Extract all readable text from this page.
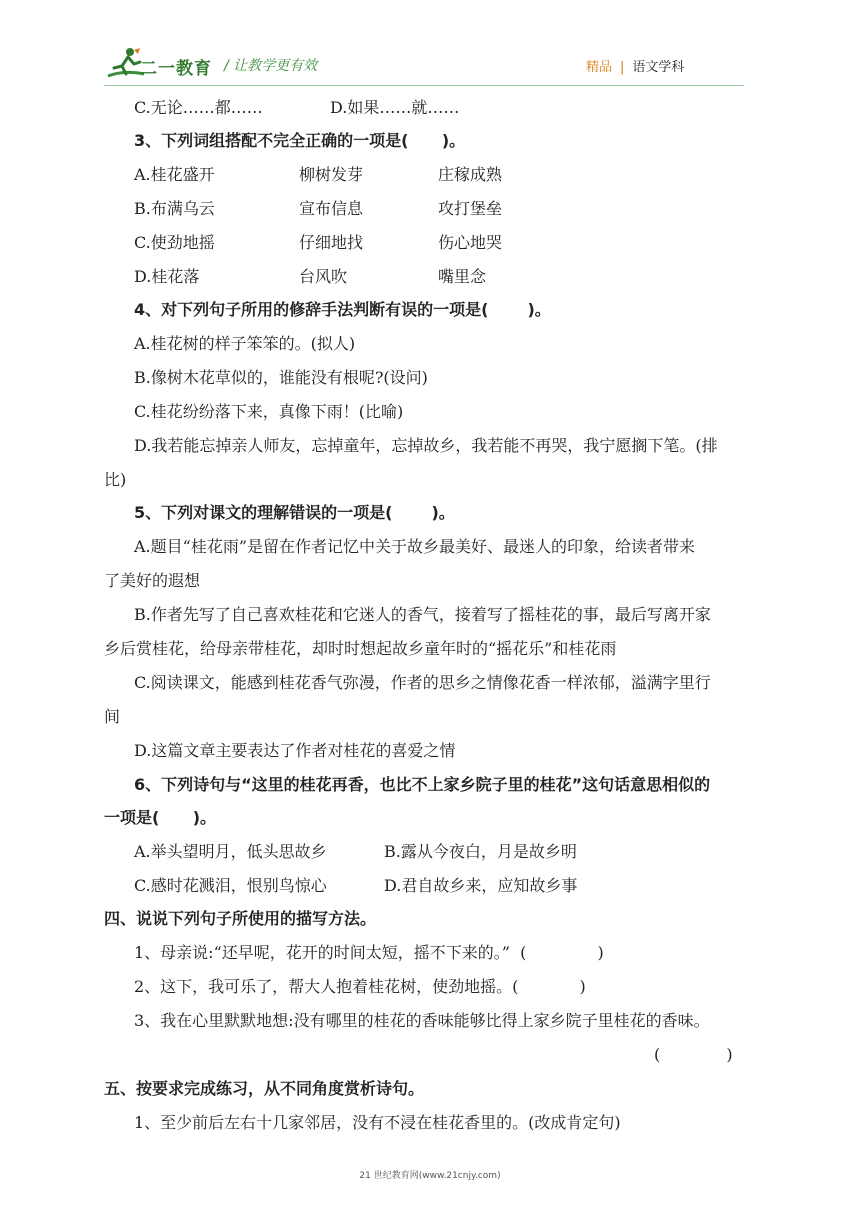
二一教育 / 让教学更有效	精品 | 语文学科
C.无论……都……	D.如果……就……
3、下列词组搭配不完全正确的一项是(      )。
A.桂花盛开	柳树发芽	庄稼成熟
B.布满乌云	宣布信息	攻打堡垒
C.使劲地摇	仔细地找	伤心地哭
D.桂花落	台风吹	嘴里念
4、对下列句子所用的修辞手法判断有误的一项是(       )。
A.桂花树的样子笨笨的。(拟人)
B.像树木花草似的，谁能没有根呢?(设问)
C.桂花纷纷落下来，真像下雨！(比喻)
D.我若能忘掉亲人师友，忘掉童年，忘掉故乡，我若能不再哭，我宁愿搁下笔。(排
比)
5、下列对课文的理解错误的一项是(       )。
A.题目“桂花雨”是留在作者记忆中关于故乡最美好、最迷人的印象，给读者带来
了美好的遐想
B.作者先写了自己喜欢桂花和它迷人的香气，接着写了摇桂花的事，最后写离开家
乡后赏桂花，给母亲带桂花，却时时想起故乡童年时的“摇花乐”和桂花雨
C.阅读课文，能感到桂花香气弥漫，作者的思乡之情像花香一样浓郁，溢满字里行
间
D.这篇文章主要表达了作者对桂花的喜爱之情
6、下列诗句与“这里的桂花再香，也比不上家乡院子里的桂花”这句话意思相似的
一项是(      )。
A.举头望明月，低头思故乡	B.露从今夜白，月是故乡明
C.感时花溅泪，恨别鸟惊心	D.君自故乡来，应知故乡事
四、说说下列句子所使用的描写方法。
1、母亲说:“还早呢，花开的时间太短，摇不下来的。”  (              )
2、这下，我可乐了，帮大人抱着桂花树，使劲地摇。(            )
3、我在心里默默地想:没有哪里的桂花的香味能够比得上家乡院子里桂花的香味。
(             )
五、按要求完成练习，从不同角度赏析诗句。
1、至少前后左右十几家邻居，没有不浸在桂花香里的。(改成肯定句)
21 世纪教育网(www.21cnjy.com)
